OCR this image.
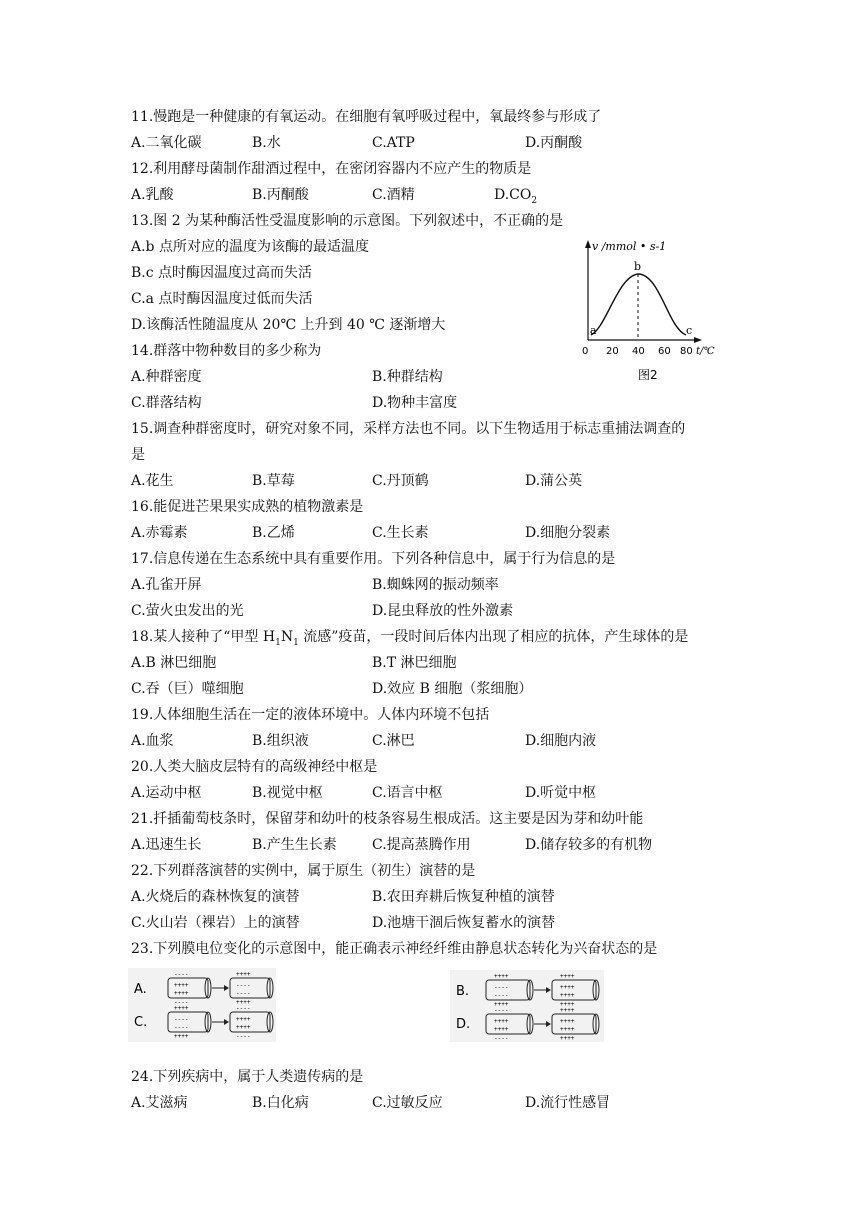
11.慢跑是一种健康的有氧运动。在细胞有氧呼吸过程中，氧最终参与形成了
A.二氧化碳	B.水	C.ATP	D.丙酮酸
12.利用酵母菌制作甜酒过程中，在密闭容器内不应产生的物质是
A.乳酸	B.丙酮酸	C.酒精	$D.CO_2$
13.图 2 为某种酶活性受温度影响的示意图。下列叙述中，不正确的是
A.b 点所对应的温度为该酶的最适温度
B.c 点时酶因温度过高而失活
C.a 点时酶因温度过低而失活
D.该酶活性随温度从 20℃ 上升到 40 ℃ 逐渐增大
v /mmol • s-1
a
b
c
0 20 40 60 80 t/℃
图2
14.群落中物种数目的多少称为
A.种群密度	B.种群结构
C.群落结构	D.物种丰富度
15.调查种群密度时，研究对象不同，采样方法也不同。以下生物适用于标志重捕法调查的
是
A.花生	B.草莓	C.丹顶鹤	D.蒲公英
16.能促进芒果果实成熟的植物激素是
A.赤霉素	B.乙烯	C.生长素	D.细胞分裂素
17.信息传递在生态系统中具有重要作用。下列各种信息中，属于行为信息的是
A.孔雀开屏	B.蜘蛛网的振动频率
C.萤火虫发出的光	D.昆虫释放的性外激素
18.某人接种了“甲型 $H_1N_1$ 流感”疫苗，一段时间后体内出现了相应的抗体，产生球体的是
A.B 淋巴细胞	B.T 淋巴细胞
C.吞（巨）噬细胞	D.效应 B 细胞（浆细胞）
19.人体细胞生活在一定的液体环境中。人体内环境不包括
A.血浆	B.组织液	C.淋巴	D.细胞内液
20.人类大脑皮层特有的高级神经中枢是
A.运动中枢	B.视觉中枢	C.语言中枢	D.听觉中枢
21.扦插葡萄枝条时，保留芽和幼叶的枝条容易生根成活。这主要是因为芽和幼叶能
A.迅速生长	B.产生生长素	C.提高蒸腾作用	D.储存较多的有机物
22.下列群落演替的实例中，属于原生（初生）演替的是
A.火烧后的森林恢复的演替	B.农田弃耕后恢复种植的演替
C.火山岩（裸岩）上的演替	D.池塘干涸后恢复蓄水的演替
23.下列膜电位变化的示意图中，能正确表示神经纤维由静息状态转化为兴奋状态的是
A.
C.
----
++++
++++
----
++++
----
----
++++
++++
----
----
++++
----
++++
++++
----
B.
D.
++++
----
----
++++
++++
++++
++++
++++
----
++++
++++
----
++++
++++
++++
++++
24.下列疾病中，属于人类遗传病的是
A.艾滋病	B.白化病	C.过敏反应	D.流行性感冒
